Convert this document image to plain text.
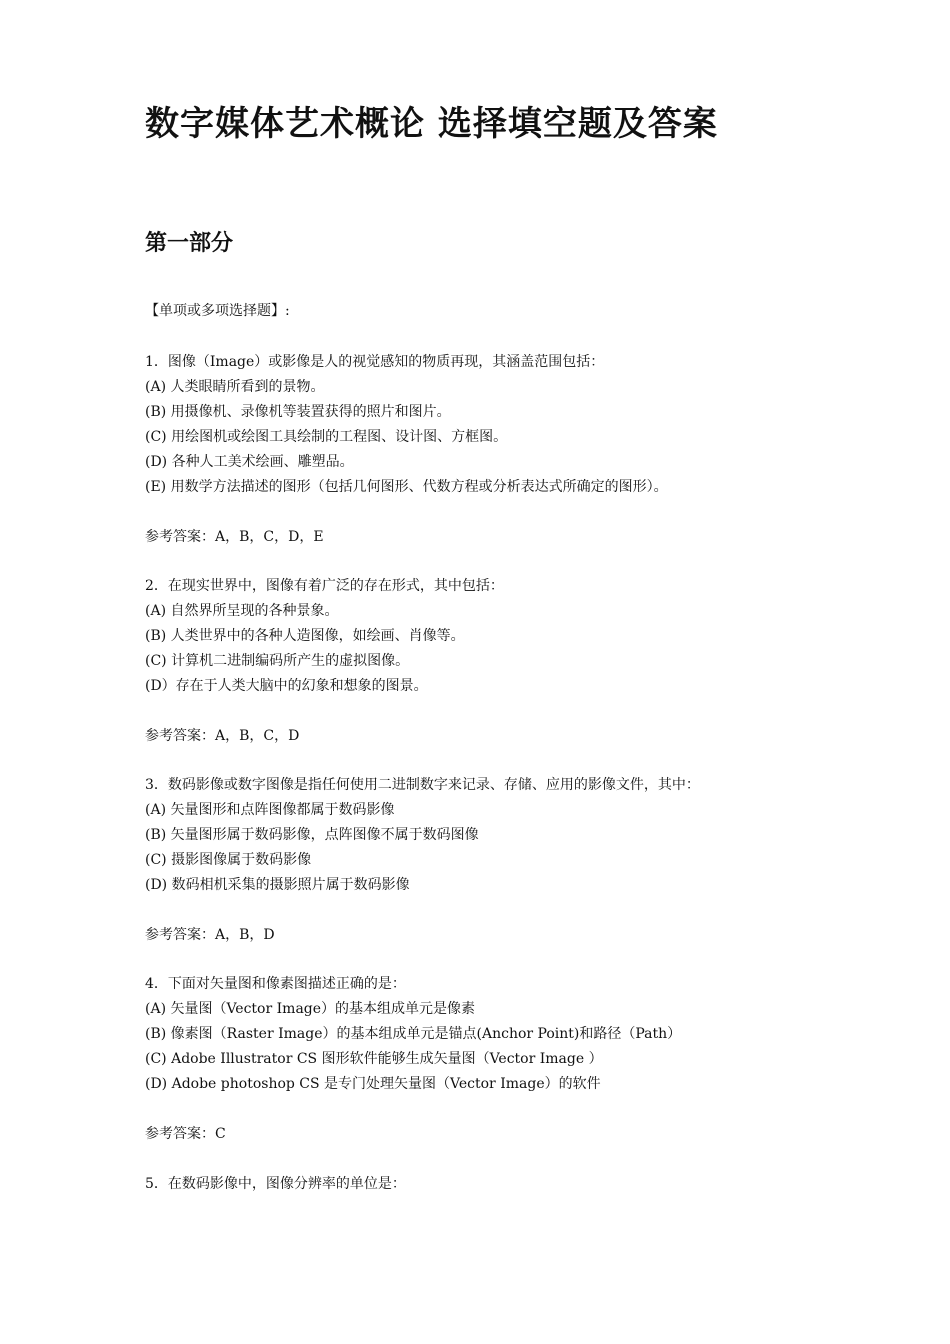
数字媒体艺术概论 选择填空题及答案
第一部分
【单项或多项选择题】:
1．图像（Image）或影像是人的视觉感知的物质再现，其涵盖范围包括：
(A) 人类眼睛所看到的景物。
(B) 用摄像机、录像机等装置获得的照片和图片。
(C) 用绘图机或绘图工具绘制的工程图、设计图、方框图。
(D) 各种人工美术绘画、雕塑品。
(E) 用数学方法描述的图形（包括几何图形、代数方程或分析表达式所确定的图形）。
参考答案：A，B，C，D，E
2．在现实世界中，图像有着广泛的存在形式，其中包括：
(A) 自然界所呈现的各种景象。
(B) 人类世界中的各种人造图像，如绘画、肖像等。
(C) 计算机二进制编码所产生的虚拟图像。
(D）存在于人类大脑中的幻象和想象的图景。
参考答案：A，B，C，D
3．数码影像或数字图像是指任何使用二进制数字来记录、存储、应用的影像文件，其中：
(A) 矢量图形和点阵图像都属于数码影像
(B) 矢量图形属于数码影像，点阵图像不属于数码图像
(C) 摄影图像属于数码影像
(D) 数码相机采集的摄影照片属于数码影像
参考答案：A，B，D
4．下面对矢量图和像素图描述正确的是：
(A) 矢量图（Vector Image）的基本组成单元是像素
(B) 像素图（Raster Image）的基本组成单元是锚点(Anchor Point)和路径（Path）
(C) Adobe Illustrator CS 图形软件能够生成矢量图（Vector Image ）
(D) Adobe photoshop CS 是专门处理矢量图（Vector Image）的软件
参考答案：C
5．在数码影像中，图像分辨率的单位是：
